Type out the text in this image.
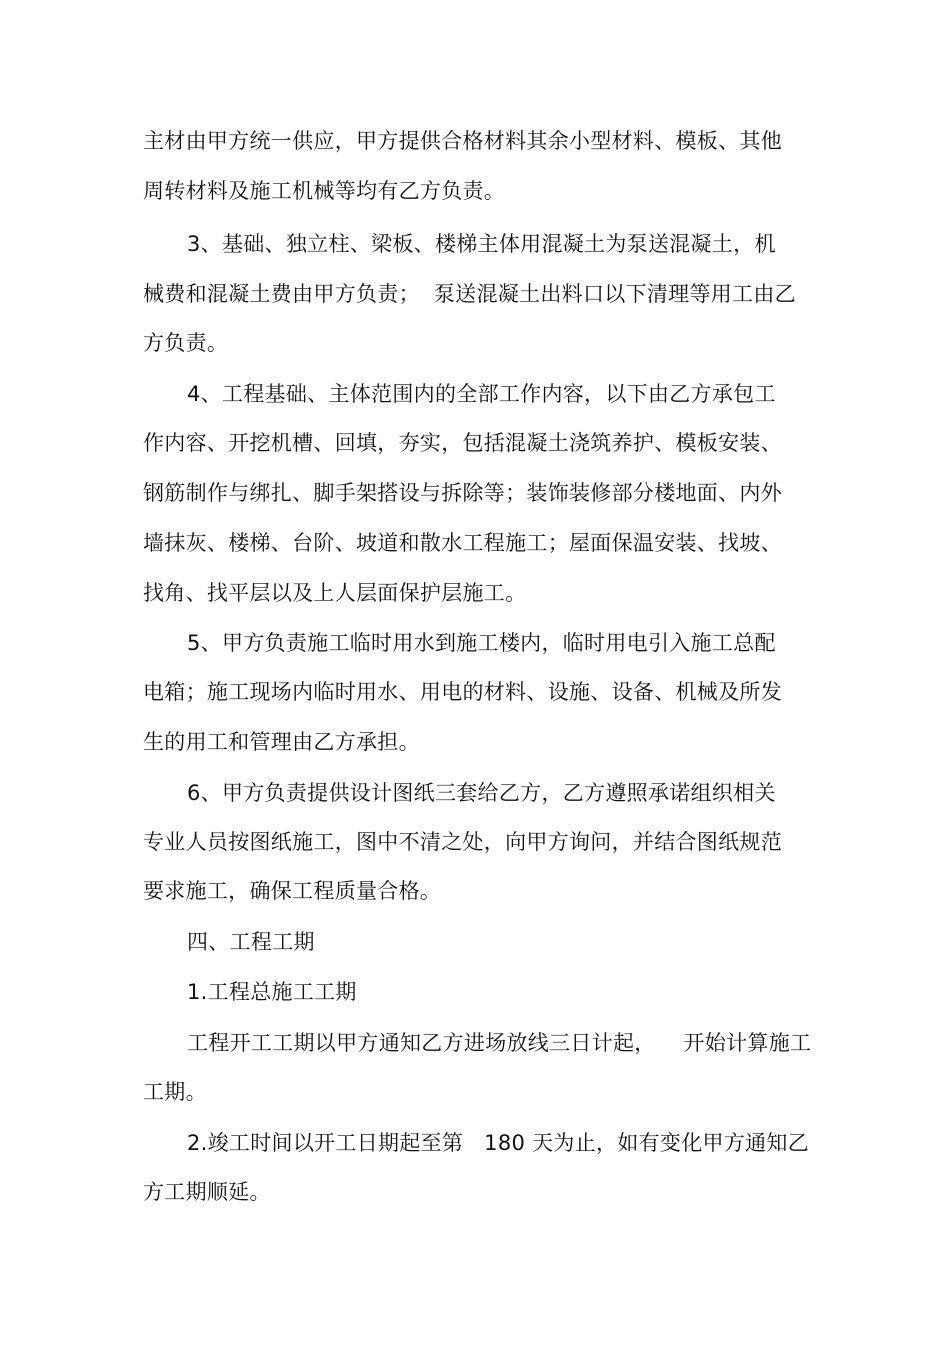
主材由甲方统一供应，甲方提供合格材料其余小型材料、模板、其他
周转材料及施工机械等均有乙方负责。
3、基础、独立柱、梁板、楼梯主体用混凝土为泵送混凝土，机
械费和混凝土费由甲方负责；  泵送混凝土出料口以下清理等用工由乙
方负责。
4、工程基础、主体范围内的全部工作内容，以下由乙方承包工
作内容、开挖机槽、回填，夯实，包括混凝土浇筑养护、模板安装、
钢筋制作与绑扎、脚手架搭设与拆除等；装饰装修部分楼地面、内外
墙抹灰、楼梯、台阶、坡道和散水工程施工；屋面保温安装、找坡、
找角、找平层以及上人层面保护层施工。
5、甲方负责施工临时用水到施工楼内，临时用电引入施工总配
电箱；施工现场内临时用水、用电的材料、设施、设备、机械及所发
生的用工和管理由乙方承担。
6、甲方负责提供设计图纸三套给乙方，乙方遵照承诺组织相关
专业人员按图纸施工，图中不清之处，向甲方询问，并结合图纸规范
要求施工，确保工程质量合格。
四、工程工期
1.工程总施工工期
工程开工工期以甲方通知乙方进场放线三日计起，    开始计算施工
工期。
2.竣工时间以开工日期起至第   180 天为止，如有变化甲方通知乙
方工期顺延。
